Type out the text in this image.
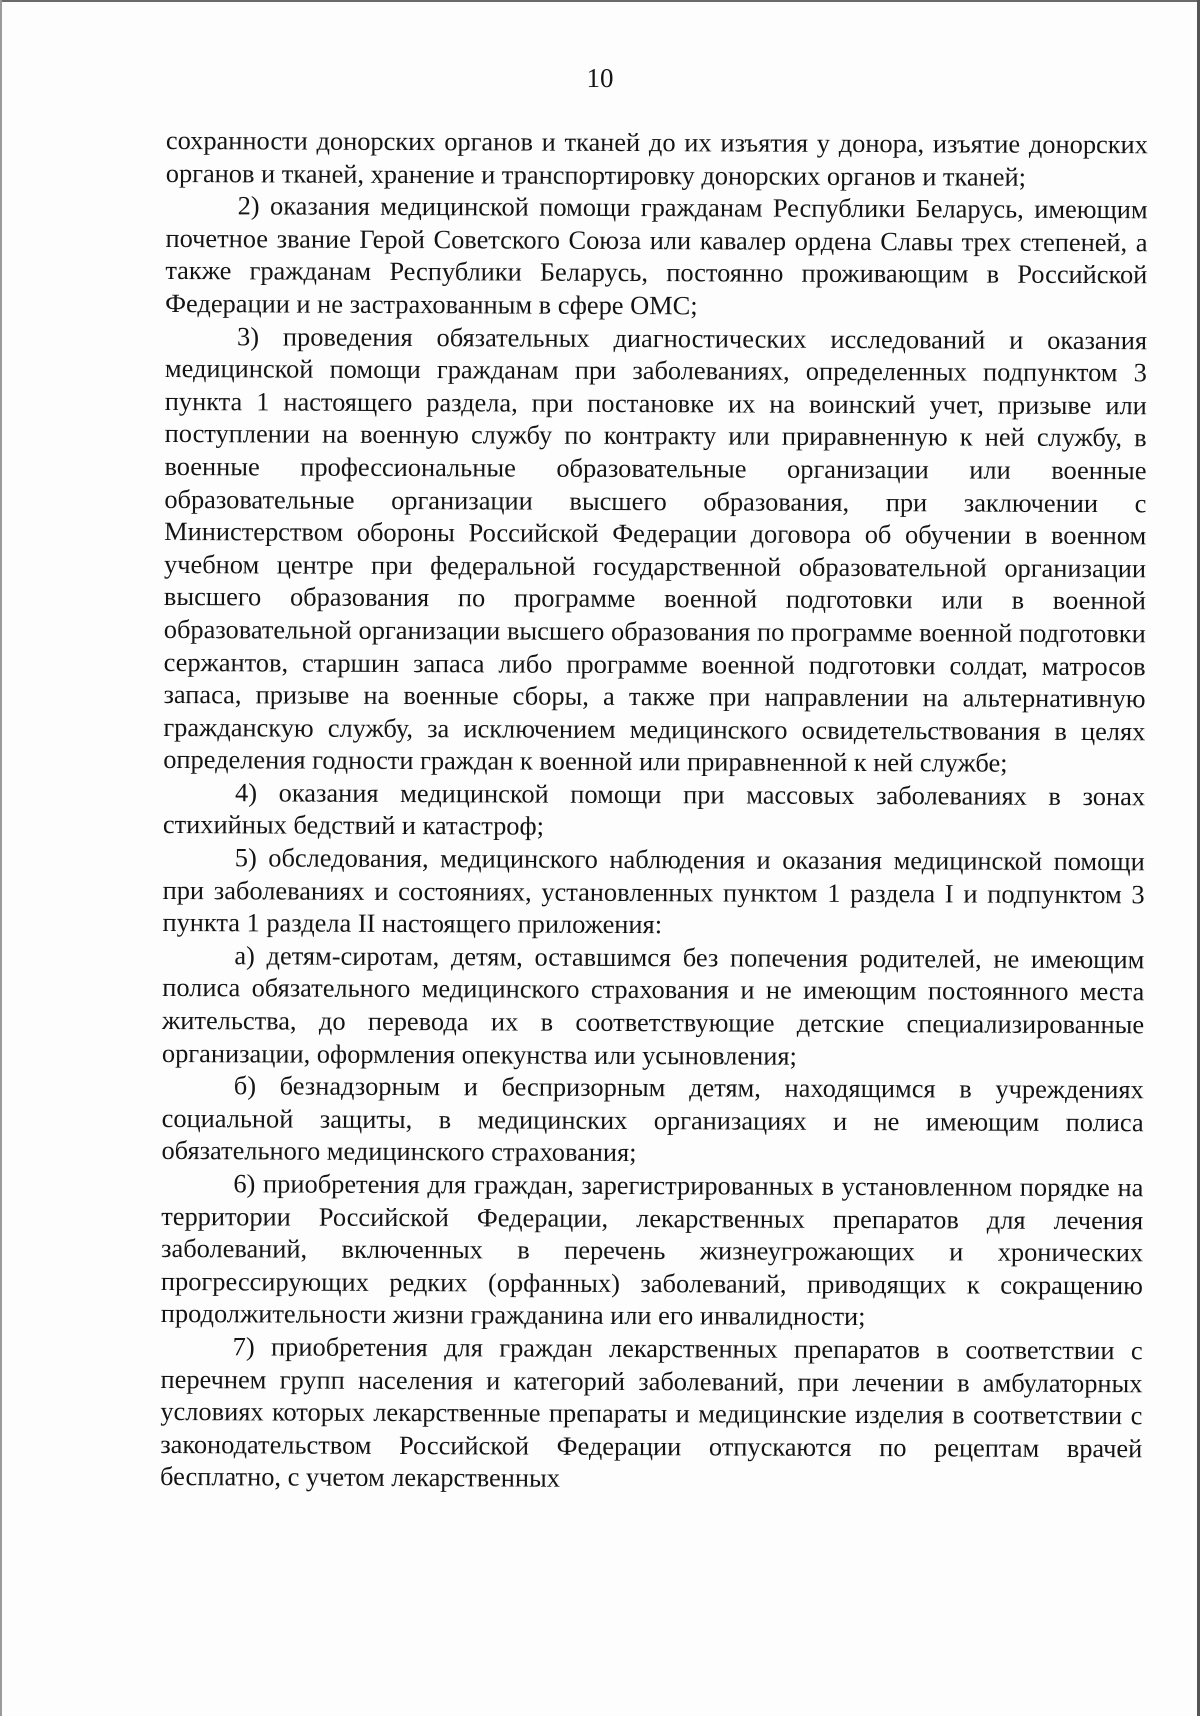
10

сохранности донорских органов и тканей до их изъятия у донора, изъятие донорских органов и тканей, хранение и транспортировку донорских органов и тканей;

2) оказания медицинской помощи гражданам Республики Беларусь, имеющим почетное звание Герой Советского Союза или кавалер ордена Славы трех степеней, а также гражданам Республики Беларусь, постоянно проживающим в Российской Федерации и не застрахованным в сфере ОМС;

3) проведения обязательных диагностических исследований и оказания медицинской помощи гражданам при заболеваниях, определенных подпунктом 3 пункта 1 настоящего раздела, при постановке их на воинский учет, призыве или поступлении на военную службу по контракту или приравненную к ней службу, в военные профессиональные образовательные организации или военные образовательные организации высшего образования, при заключении с Министерством обороны Российской Федерации договора об обучении в военном учебном центре при федеральной государственной образовательной организации высшего образования по программе военной подготовки или в военной образовательной организации высшего образования по программе военной подготовки сержантов, старшин запаса либо программе военной подготовки солдат, матросов запаса, призыве на военные сборы, а также при направлении на альтернативную гражданскую службу, за исключением медицинского освидетельствования в целях определения годности граждан к военной или приравненной к ней службе;

4) оказания медицинской помощи при массовых заболеваниях в зонах стихийных бедствий и катастроф;

5) обследования, медицинского наблюдения и оказания медицинской помощи при заболеваниях и состояниях, установленных пунктом 1 раздела I и подпунктом 3 пункта 1 раздела II настоящего приложения:

а) детям-сиротам, детям, оставшимся без попечения родителей, не имеющим полиса обязательного медицинского страхования и не имеющим постоянного места жительства, до перевода их в соответствующие детские специализированные организации, оформления опекунства или усыновления;

б) безнадзорным и беспризорным детям, находящимся в учреждениях социальной защиты, в медицинских организациях и не имеющим полиса обязательного медицинского страхования;

6) приобретения для граждан, зарегистрированных в установленном порядке на территории Российской Федерации, лекарственных препаратов для лечения заболеваний, включенных в перечень жизнеугрожающих и хронических прогрессирующих редких (орфанных) заболеваний, приводящих к сокращению продолжительности жизни гражданина или его инвалидности;

7) приобретения для граждан лекарственных препаратов в соответствии с перечнем групп населения и категорий заболеваний, при лечении в амбулаторных условиях которых лекарственные препараты и медицинские изделия в соответствии с законодательством Российской Федерации отпускаются по рецептам врачей бесплатно, с учетом лекарственных
